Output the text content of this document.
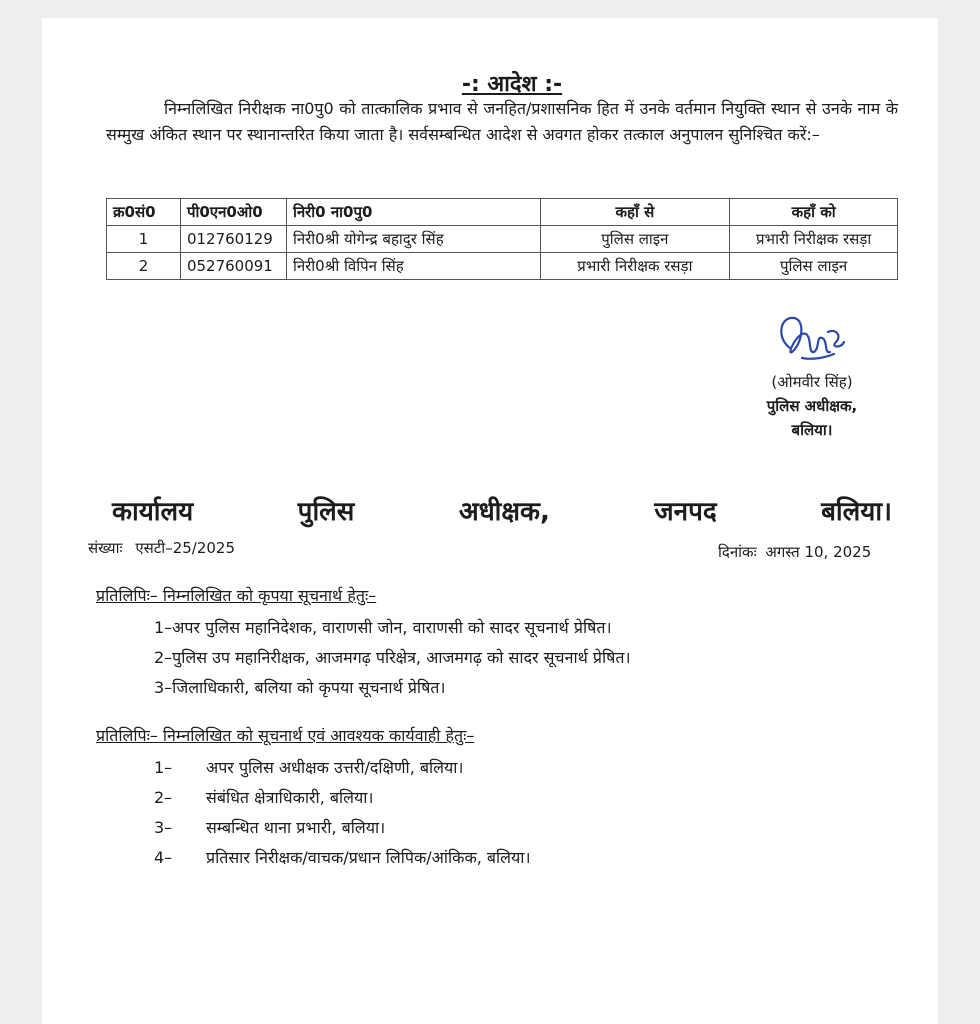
-: आदेश :-
निम्नलिखित निरीक्षक ना0पु0 को तात्कालिक प्रभाव से जनहित/प्रशासनिक हित में उनके वर्तमान नियुक्ति स्थान से उनके नाम के सम्मुख अंकित स्थान पर स्थानान्तरित किया जाता है। सर्वसम्बन्धित आदेश से अवगत होकर तत्काल अनुपालन सुनिश्चित करें:–
क्र0सं0	पी0एन0ओ0	निरी0 ना0पु0	कहाँ से	कहाँ को
1	012760129	निरी0श्री योगेन्द्र बहादुर सिंह	पुलिस लाइन	प्रभारी निरीक्षक रसड़ा
2	052760091	निरी0श्री विपिन सिंह	प्रभारी निरीक्षक रसड़ा	पुलिस लाइन
(ओमवीर सिंह)
पुलिस अधीक्षक,
बलिया।
कार्यालय	पुलिस	अधीक्षक,	जनपद	बलिया।
संख्याः एसटी–25/2025	दिनांकः अगस्त 10, 2025
प्रतिलिपिः– निम्नलिखित को कृपया सूचनार्थ हेतुः–
1–अपर पुलिस महानिदेशक, वाराणसी जोन, वाराणसी को सादर सूचनार्थ प्रेषित।
2–पुलिस उप महानिरीक्षक, आजमगढ़ परिक्षेत्र, आजमगढ़ को सादर सूचनार्थ प्रेषित।
3–जिलाधिकारी, बलिया को कृपया सूचनार्थ प्रेषित।
प्रतिलिपिः– निम्नलिखित को सूचनार्थ एवं आवश्यक कार्यवाही हेतुः–
1– अपर पुलिस अधीक्षक उत्तरी/दक्षिणी, बलिया।
2– संबंधित क्षेत्राधिकारी, बलिया।
3– सम्बन्धित थाना प्रभारी, बलिया।
4– प्रतिसार निरीक्षक/वाचक/प्रधान लिपिक/आंकिक, बलिया।
